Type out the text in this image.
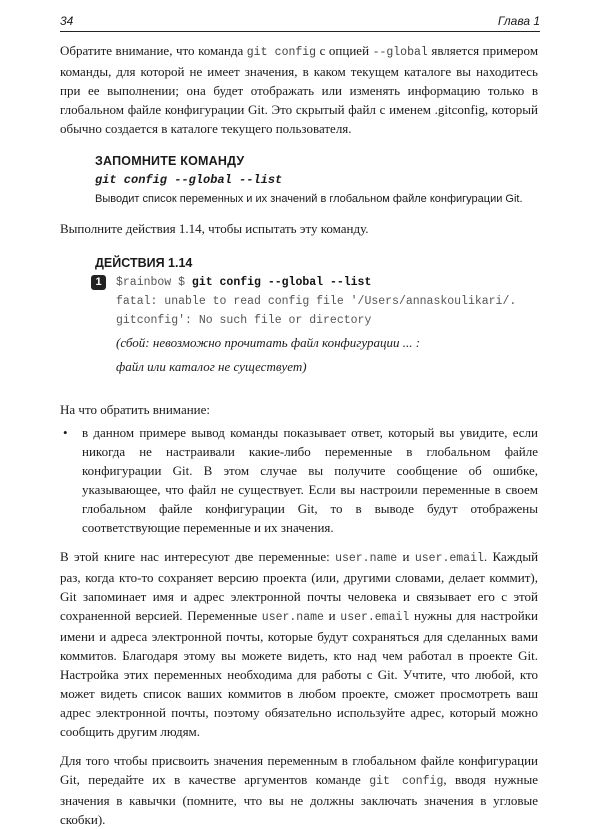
34	Глава 1

Обратите внимание, что команда git config с опцией --global является примером команды, для которой не имеет значения, в каком текущем каталоге вы находитесь при ее выполнении; она будет отображать или изменять информацию только в глобальном файле конфигурации Git. Это скрытый файл с именем .gitconfig, который обычно создается в каталоге текущего пользователя.

ЗАПОМНИТЕ КОМАНДУ
git config --global --list
Выводит список переменных и их значений в глобальном файле конфигурации Git.

Выполните действия 1.14, чтобы испытать эту команду.

ДЕЙСТВИЯ 1.14
1	$rainbow $ git config --global --list
fatal: unable to read config file '/Users/annaskoulikari/.
gitconfig': No such file or directory
(сбой: невозможно прочитать файл конфигурации ... :
файл или каталог не существует)

На что обратить внимание:

• в данном примере вывод команды показывает ответ, который вы увидите, если никогда не настраивали какие-либо переменные в глобальном файле конфигурации Git. В этом случае вы получите сообщение об ошибке, указывающее, что файл не существует. Если вы настроили переменные в своем глобальном файле конфигурации Git, то в выводе будут отображены соответствующие переменные и их значения.

В этой книге нас интересуют две переменные: user.name и user.email. Каждый раз, когда кто-то сохраняет версию проекта (или, другими словами, делает коммит), Git запоминает имя и адрес электронной почты человека и связывает его с этой сохраненной версией. Переменные user.name и user.email нужны для настройки имени и адреса электронной почты, которые будут сохраняться для сделанных вами коммитов. Благодаря этому вы можете видеть, кто над чем работал в проекте Git. Настройка этих переменных необходима для работы с Git. Учтите, что любой, кто может видеть список ваших коммитов в любом проекте, сможет просмотреть ваш адрес электронной почты, поэтому обязательно используйте адрес, который можно сообщить другим людям.

Для того чтобы присвоить значения переменным в глобальном файле конфигурации Git, передайте их в качестве аргументов команде git config, вводя нужные значения в кавычки (помните, что вы не должны заключать значения в угловые скобки).
